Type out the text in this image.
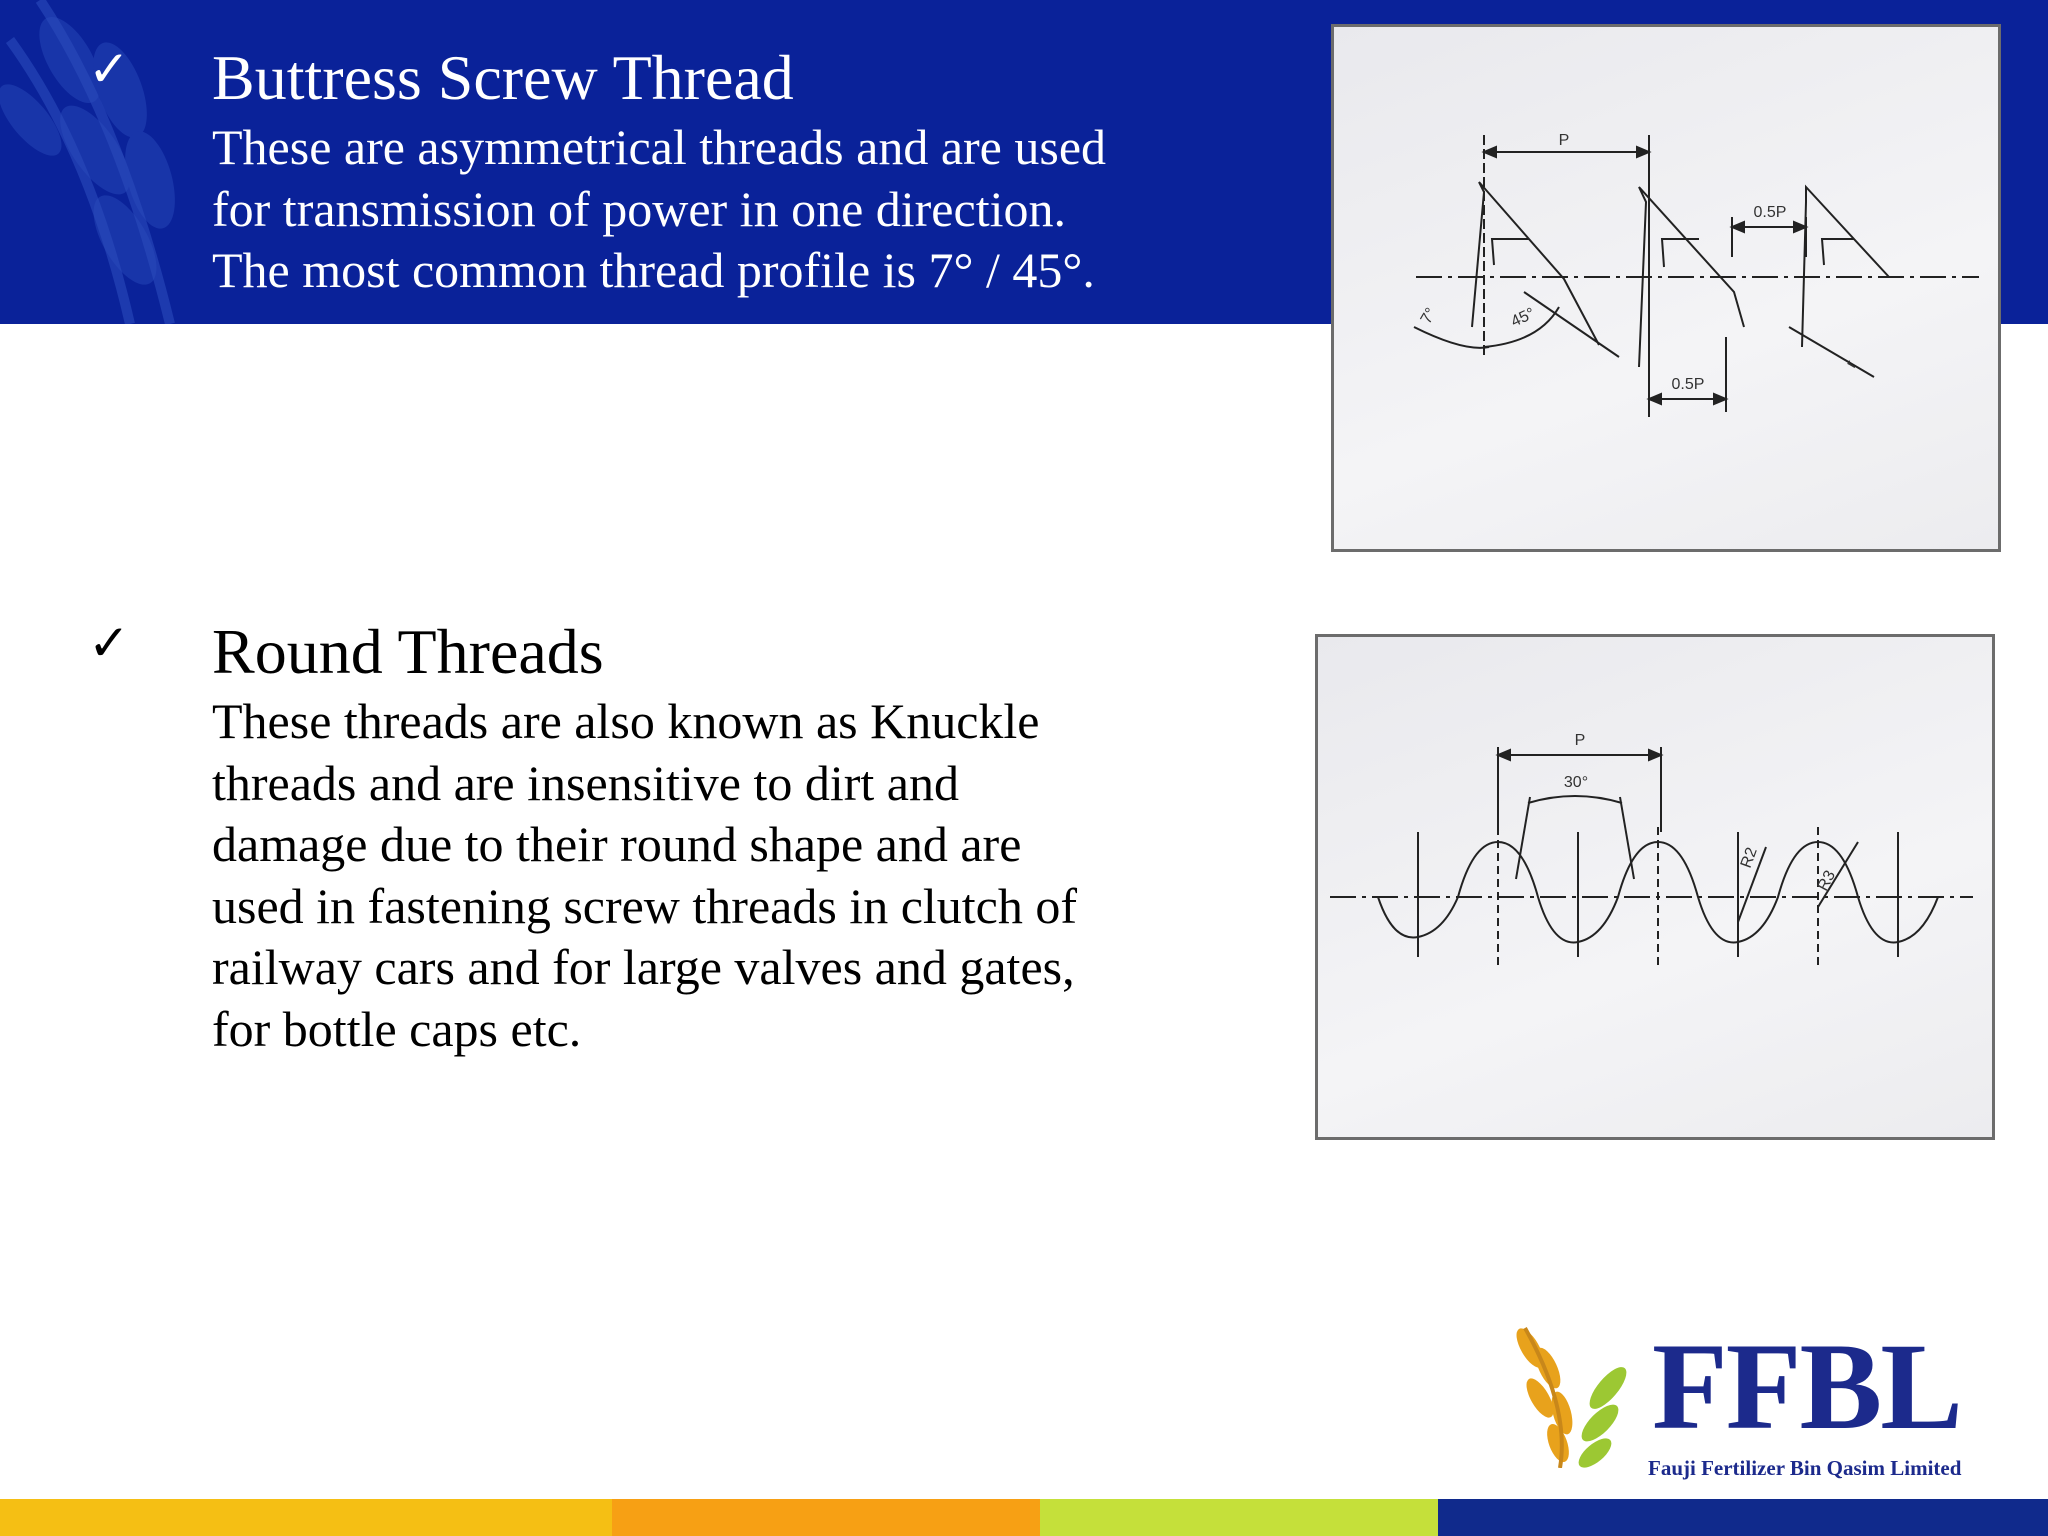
✓ Buttress Screw Thread
These are asymmetrical threads and are used
for transmission of power in one direction.
The most common thread profile is 7° / 45°.
P
0.5P
0.5P
7°	45°
r
✓ Round Threads
These threads are also known as Knuckle
threads and are insensitive to dirt and
damage due to their round shape and are
used in fastening screw threads in clutch of
railway cars and for large valves and gates,
for bottle caps etc.
P
30°
R2
R3
FFBL
Fauji Fertilizer Bin Qasim Limited
